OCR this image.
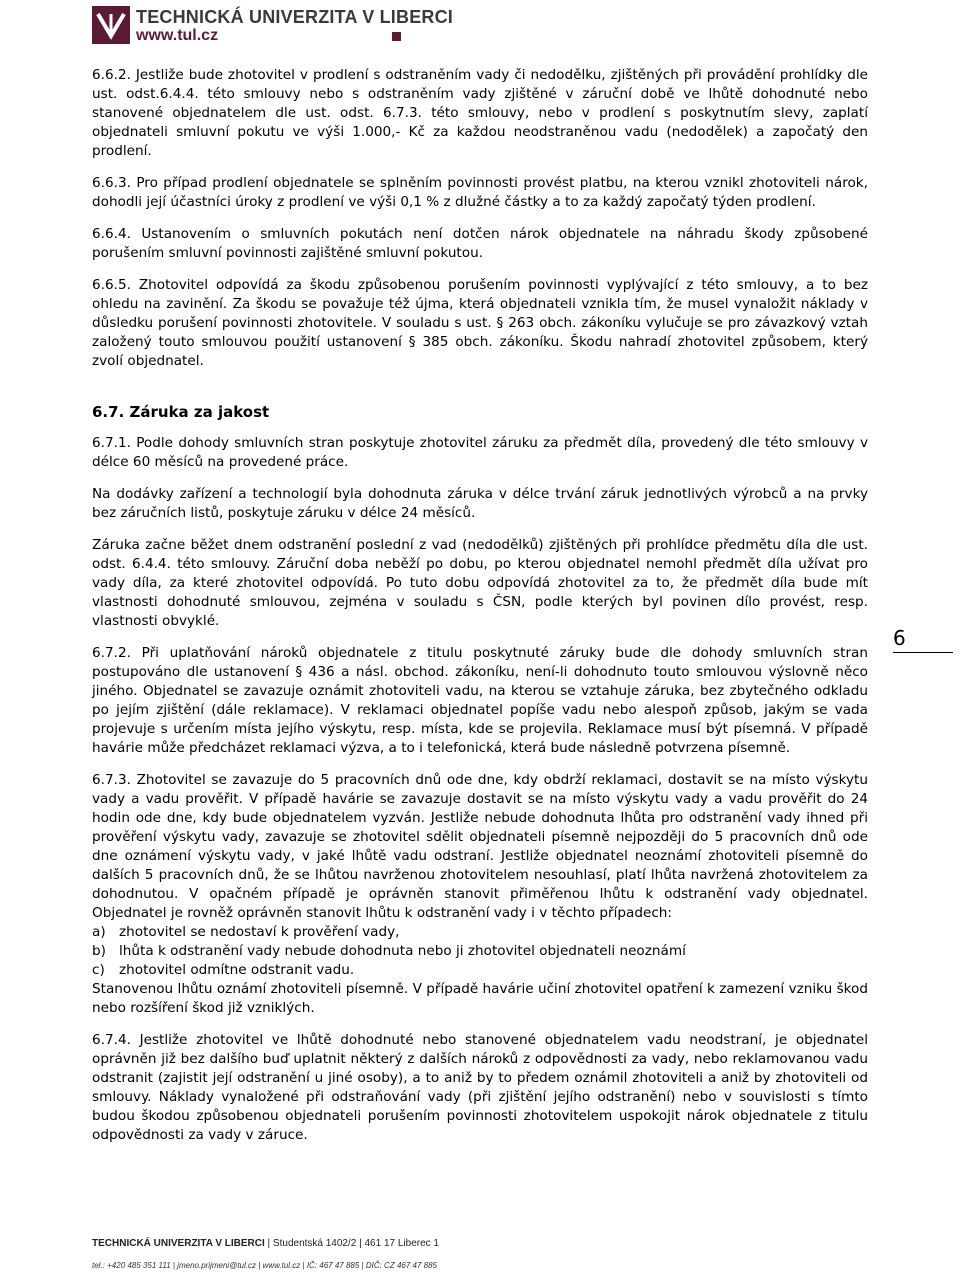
TECHNICKÁ UNIVERZITA V LIBERCI
www.tul.cz
6

6.6.2. Jestliže bude zhotovitel v prodlení s odstraněním vady či nedodělku, zjištěných při provádění prohlídky dle ust. odst.6.4.4. této smlouvy nebo s odstraněním vady zjištěné v záruční době ve lhůtě dohodnuté nebo stanovené objednatelem dle ust. odst. 6.7.3. této smlouvy, nebo v prodlení s poskytnutím slevy, zaplatí objednateli smluvní pokutu ve výši 1.000,- Kč za každou neodstraněnou vadu (nedodělek) a započatý den prodlení.

6.6.3. Pro případ prodlení objednatele se splněním povinnosti provést platbu, na kterou vznikl zhotoviteli nárok, dohodli její účastníci úroky z prodlení ve výši 0,1 % z dlužné částky a to za každý započatý týden prodlení.

6.6.4. Ustanovením o smluvních pokutách není dotčen nárok objednatele na náhradu škody způsobené porušením smluvní povinnosti zajištěné smluvní pokutou.

6.6.5. Zhotovitel odpovídá za škodu způsobenou porušením povinnosti vyplývající z této smlouvy, a to bez ohledu na zavinění. Za škodu se považuje též újma, která objednateli vznikla tím, že musel vynaložit náklady v důsledku porušení povinnosti zhotovitele. V souladu s ust. § 263 obch. zákoníku vylučuje se pro závazkový vztah založený touto smlouvou použití ustanovení § 385 obch. zákoníku. Škodu nahradí zhotovitel způsobem, který zvolí objednatel.

6.7. Záruka za jakost

6.7.1. Podle dohody smluvních stran poskytuje zhotovitel záruku za předmět díla, provedený dle této smlouvy v délce 60 měsíců na provedené práce.

Na dodávky zařízení a technologií byla dohodnuta záruka v délce trvání záruk jednotlivých výrobců a na prvky bez záručních listů, poskytuje záruku v délce 24 měsíců.

Záruka začne běžet dnem odstranění poslední z vad (nedodělků) zjištěných při prohlídce předmětu díla dle ust. odst. 6.4.4. této smlouvy. Záruční doba neběží po dobu, po kterou objednatel nemohl předmět díla užívat pro vady díla, za které zhotovitel odpovídá. Po tuto dobu odpovídá zhotovitel za to, že předmět díla bude mít vlastnosti dohodnuté smlouvou, zejména v souladu s ČSN, podle kterých byl povinen dílo provést, resp. vlastnosti obvyklé.

6.7.2. Při uplatňování nároků objednatele z titulu poskytnuté záruky bude dle dohody smluvních stran postupováno dle ustanovení § 436 a násl. obchod. zákoníku, není-li dohodnuto touto smlouvou výslovně něco jiného. Objednatel se zavazuje oznámit zhotoviteli vadu, na kterou se vztahuje záruka, bez zbytečného odkladu po jejím zjištění (dále reklamace). V reklamaci objednatel popíše vadu nebo alespoň způsob, jakým se vada projevuje s určením místa jejího výskytu, resp. místa, kde se projevila. Reklamace musí být písemná. V případě havárie může předcházet reklamaci výzva, a to i telefonická, která bude následně potvrzena písemně.

6.7.3. Zhotovitel se zavazuje do 5 pracovních dnů ode dne, kdy obdrží reklamaci, dostavit se na místo výskytu vady a vadu prověřit. V případě havárie se zavazuje dostavit se na místo výskytu vady a vadu prověřit do 24 hodin ode dne, kdy bude objednatelem vyzván. Jestliže nebude dohodnuta lhůta pro odstranění vady ihned při prověření výskytu vady, zavazuje se zhotovitel sdělit objednateli písemně nejpozději do 5 pracovních dnů ode dne oznámení výskytu vady, v jaké lhůtě vadu odstraní. Jestliže objednatel neoznámí zhotoviteli písemně do dalších 5 pracovních dnů, že se lhůtou navrženou zhotovitelem nesouhlasí, platí lhůta navržená zhotovitelem za dohodnutou. V opačném případě je oprávněn stanovit přiměřenou lhůtu k odstranění vady objednatel. Objednatel je rovněž oprávněn stanovit lhůtu k odstranění vady i v těchto případech:

a) zhotovitel se nedostaví k prověření vady,
b) lhůta k odstranění vady nebude dohodnuta nebo ji zhotovitel objednateli neoznámí
c)	zhotovitel odmítne odstranit vadu.

Stanovenou lhůtu oznámí zhotoviteli písemně. V případě havárie učiní zhotovitel opatření k zamezení vzniku škod nebo rozšíření škod již vzniklých.

6.7.4. Jestliže zhotovitel ve lhůtě dohodnuté nebo stanovené objednatelem vadu neodstraní, je objednatel oprávněn již bez dalšího buď uplatnit některý z dalších nároků z odpovědnosti za vady, nebo reklamovanou vadu odstranit (zajistit její odstranění u jiné osoby), a to aniž by to předem oznámil zhotoviteli a aniž by zhotoviteli od smlouvy. Náklady vynaložené při odstraňování vady (při zjištění jejího odstranění) nebo v souvislosti s tímto budou škodou způsobenou objednateli porušením povinnosti zhotovitelem uspokojit nárok objednatele z titulu odpovědnosti za vady v záruce.

TECHNICKÁ UNIVERZITA V LIBERCI | Studentská 1402/2 | 461 17 Liberec 1
tel.: +420 485 351 111 | jmeno.prijmeni@tul.cz | www.tul.cz | IČ: 467 47 885 | DIČ: CZ 467 47 885
